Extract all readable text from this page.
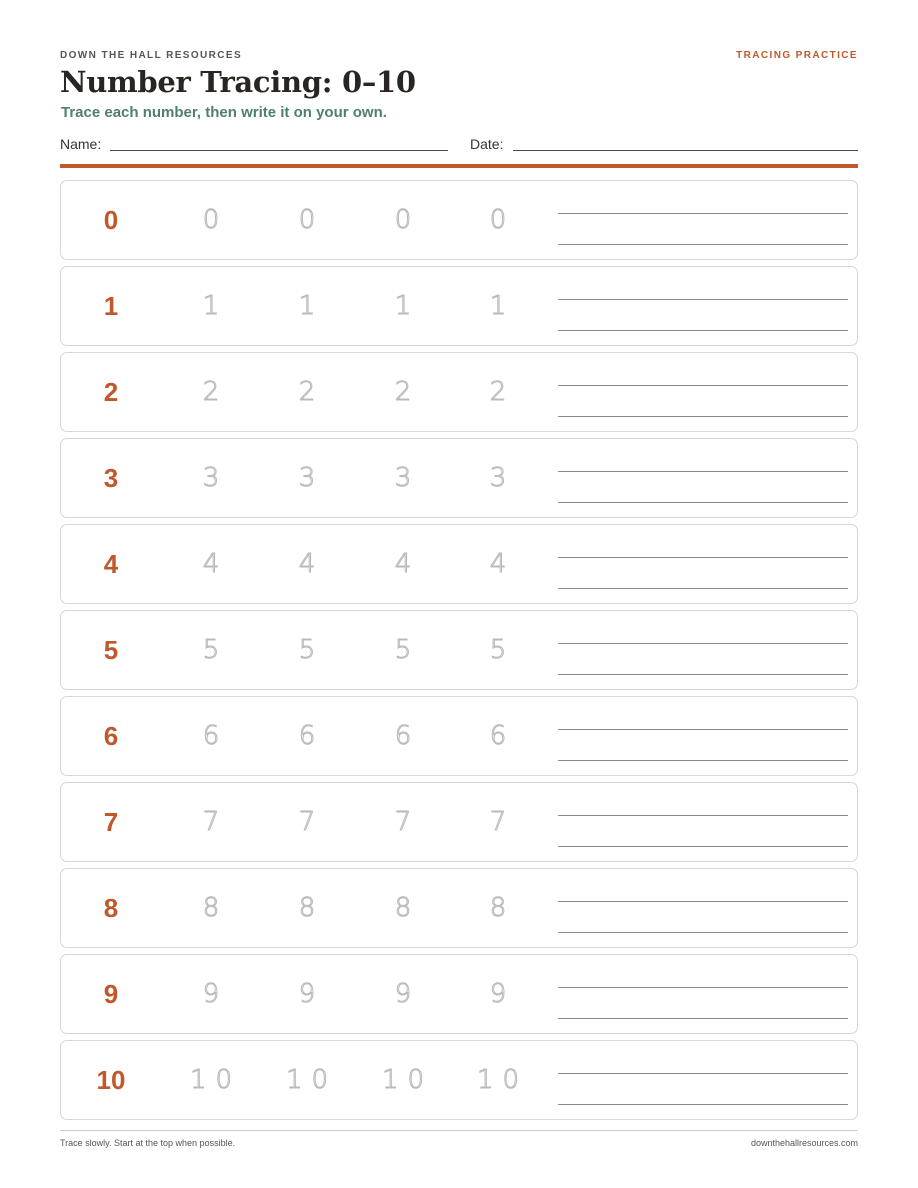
DOWN THE HALL RESOURCES	TRACING PRACTICE
Number Tracing: 0–10
Trace each number, then write it on your own.
Name:	Date:
0	0	0	0	0
1	1	1	1	1
2	2	2	2	2
3	3	3	3	3
4	4	4	4	4
5	5	5	5	5
6	6	6	6	6
7	7	7	7	7
8	8	8	8	8
9	9	9	9	9
10	10	10	10	10
Trace slowly. Start at the top when possible.	downthehallresources.com
